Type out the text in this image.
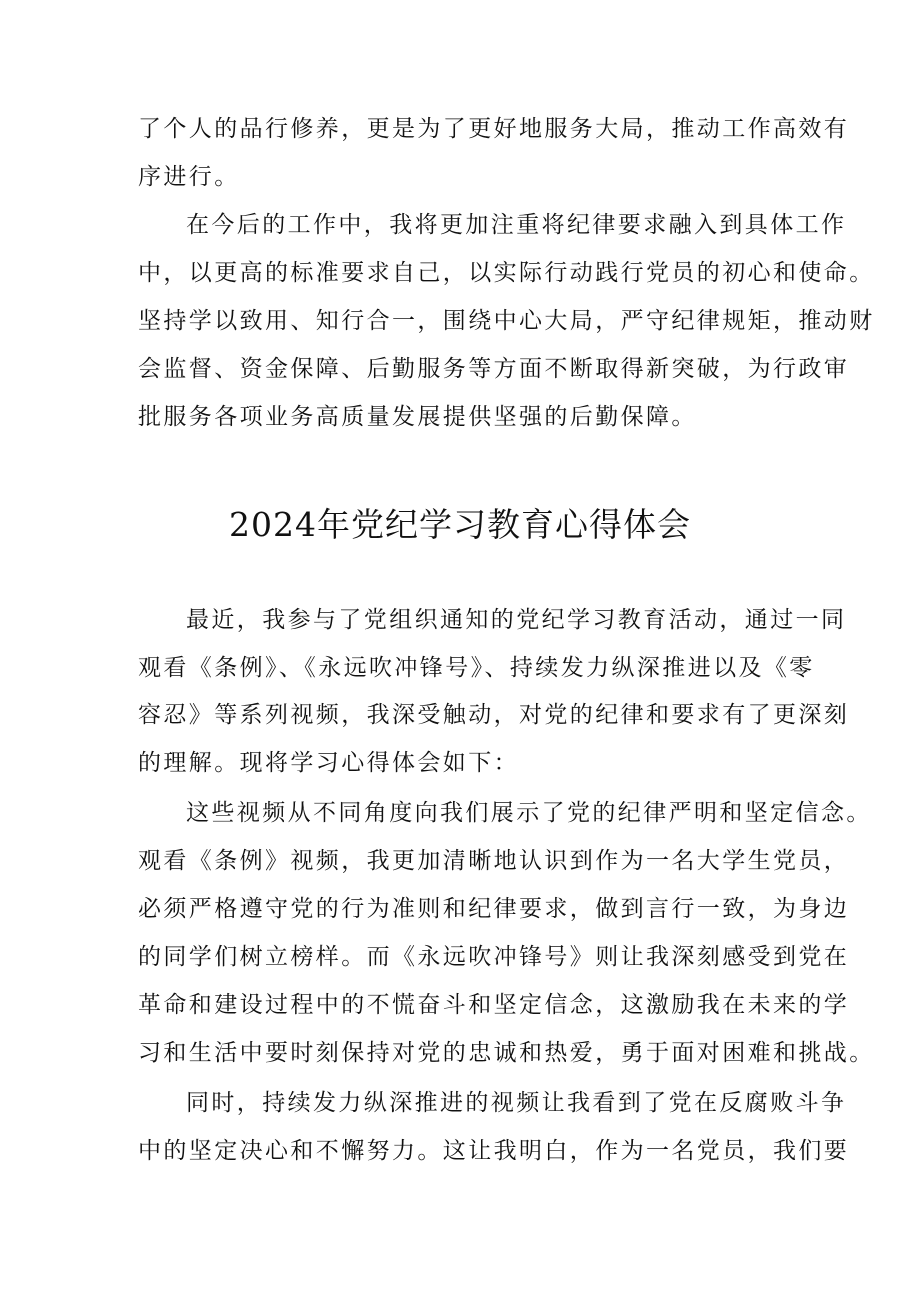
了个人的品行修养，更是为了更好地服务大局，推动工作高效有
序进行。
在今后的工作中，我将更加注重将纪律要求融入到具体工作
中，以更高的标准要求自己，以实际行动践行党员的初心和使命。
坚持学以致用、知行合一，围绕中心大局，严守纪律规矩，推动财
会监督、资金保障、后勤服务等方面不断取得新突破，为行政审
批服务各项业务高质量发展提供坚强的后勤保障。
2024年党纪学习教育心得体会
最近，我参与了党组织通知的党纪学习教育活动，通过一同
观看《条例》、《永远吹冲锋号》、持续发力纵深推进以及《零
容忍》等系列视频，我深受触动，对党的纪律和要求有了更深刻
的理解。现将学习心得体会如下：
这些视频从不同角度向我们展示了党的纪律严明和坚定信念。
观看《条例》视频，我更加清晰地认识到作为一名大学生党员，
必须严格遵守党的行为准则和纪律要求，做到言行一致，为身边
的同学们树立榜样。而《永远吹冲锋号》则让我深刻感受到党在
革命和建设过程中的不慌奋斗和坚定信念，这激励我在未来的学
习和生活中要时刻保持对党的忠诚和热爱，勇于面对困难和挑战。
同时，持续发力纵深推进的视频让我看到了党在反腐败斗争
中的坚定决心和不懈努力。这让我明白，作为一名党员，我们要
